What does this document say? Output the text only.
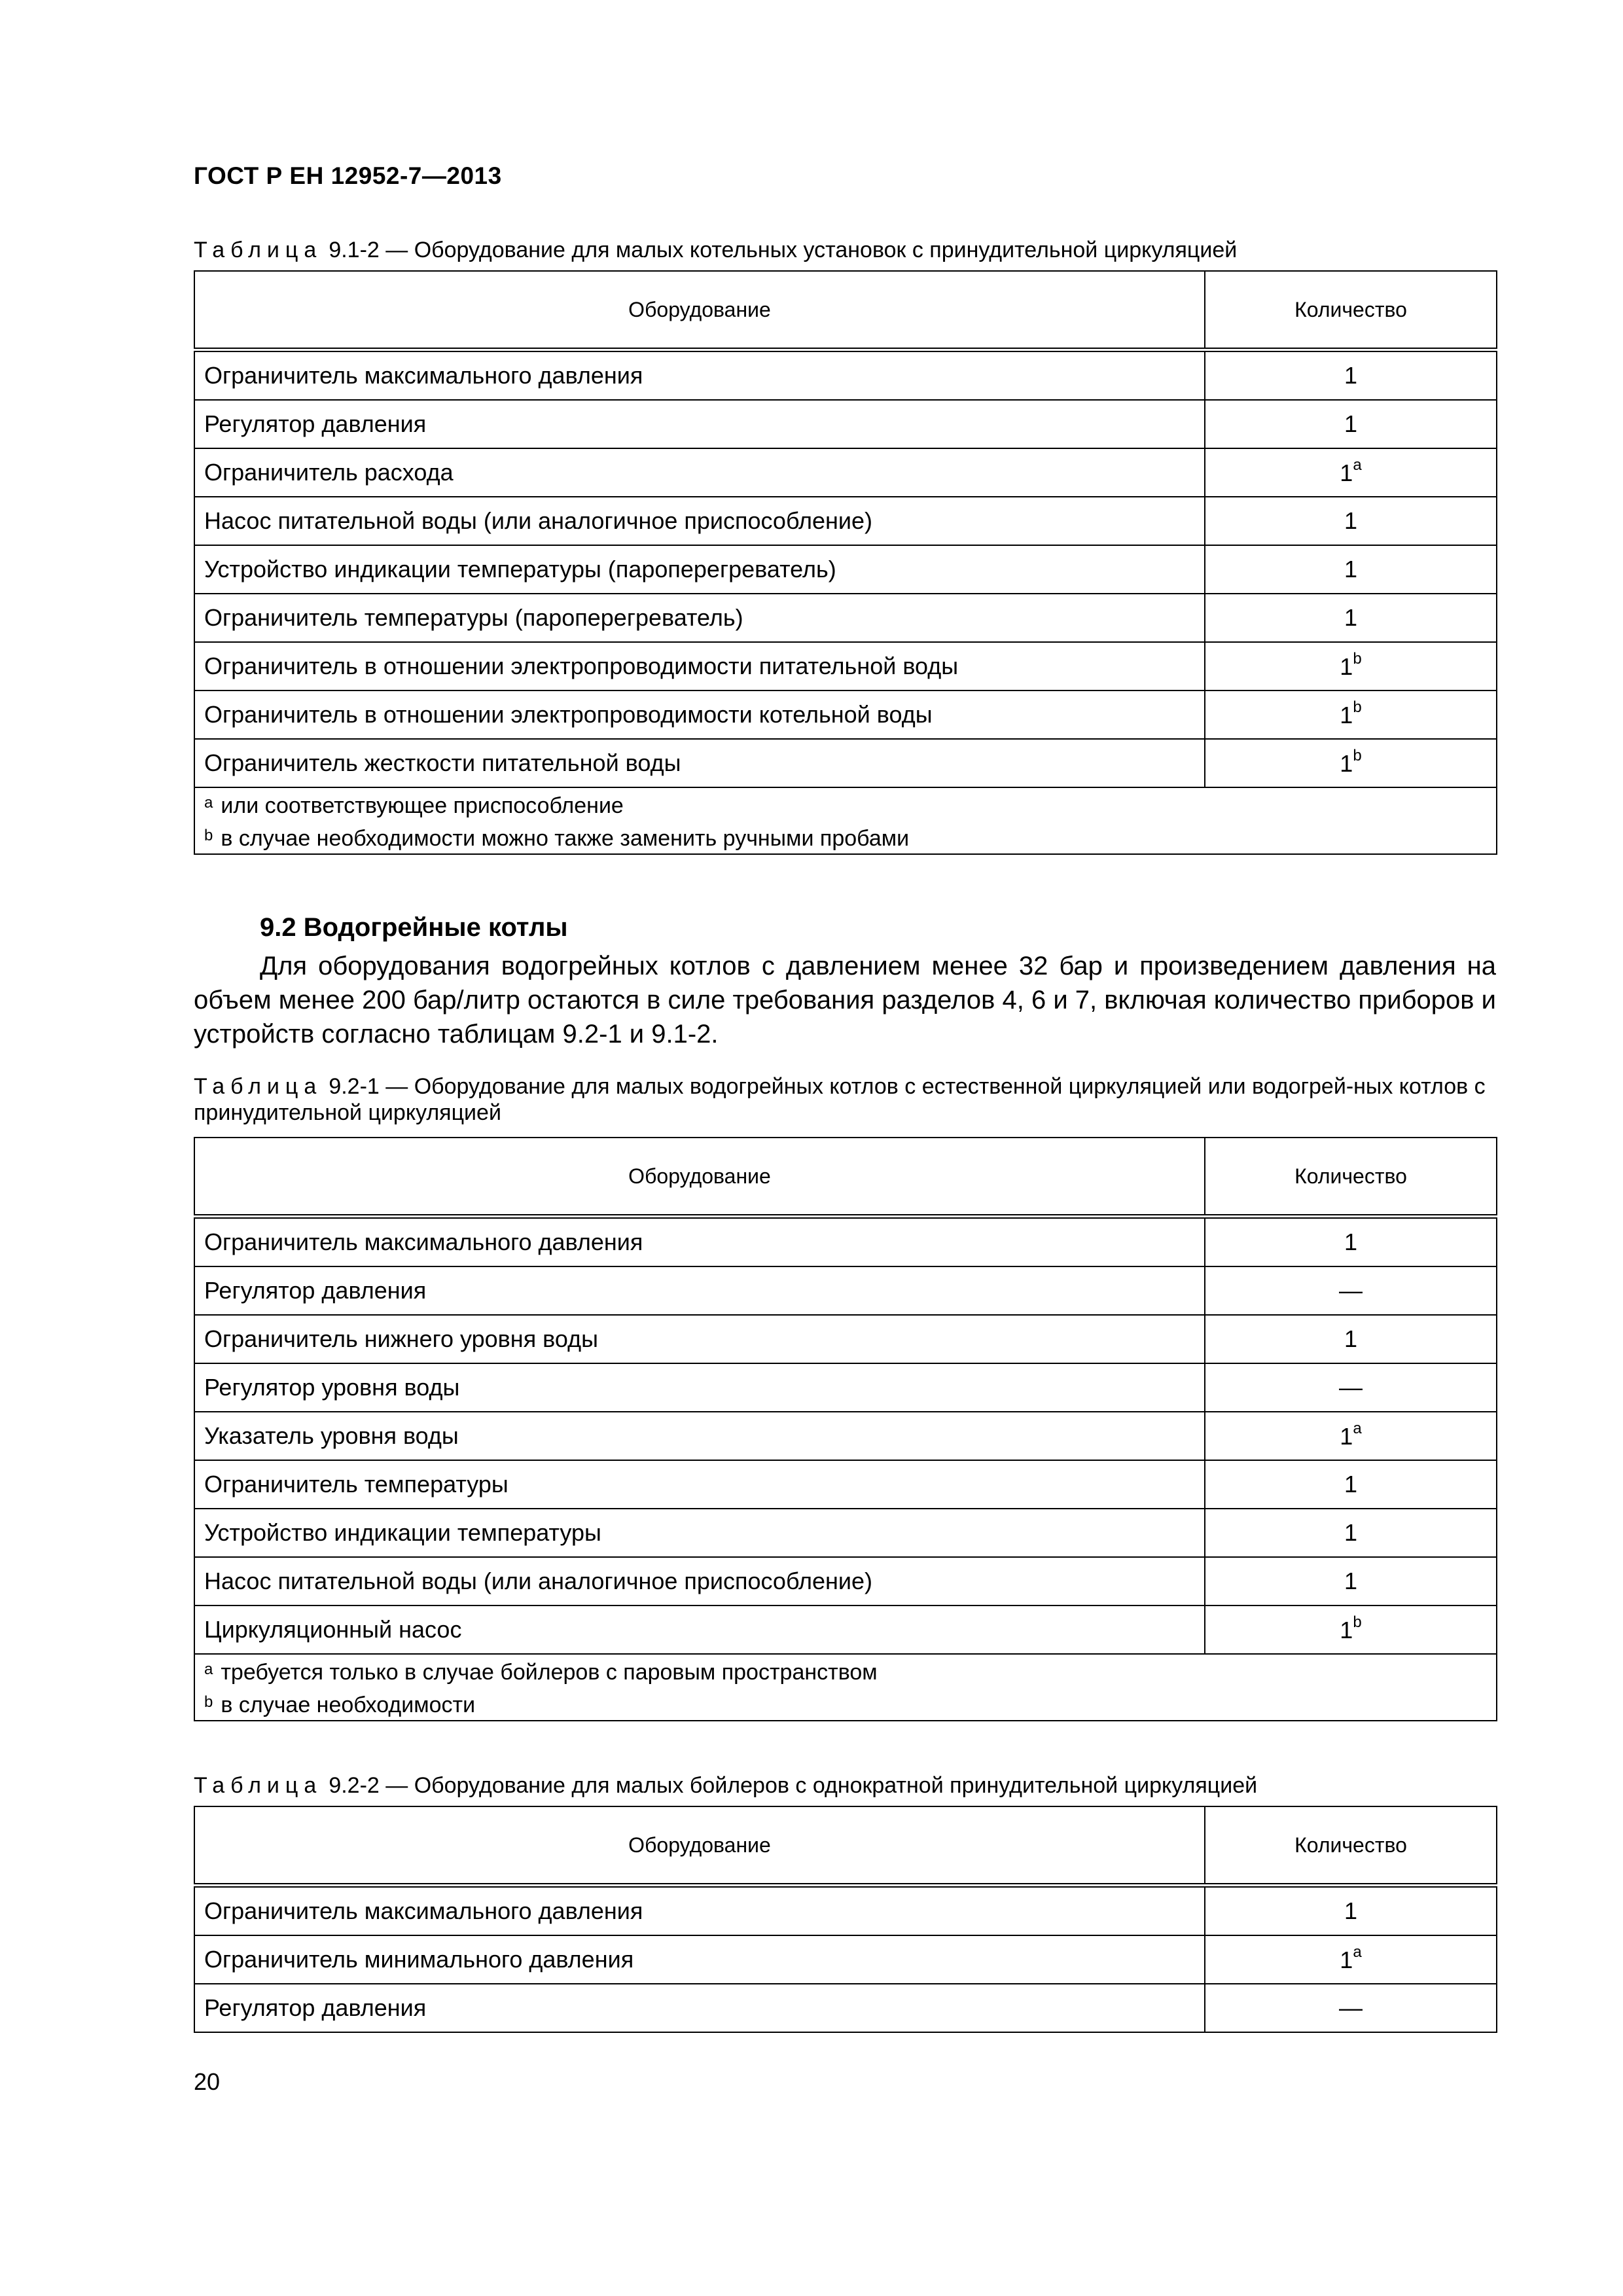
ГОСТ Р ЕН 12952-7—2013
Таблица 9.1-2 — Оборудование для малых котельных установок с принудительной циркуляцией
Оборудование	Количество
Ограничитель максимального давления	1
Регулятор давления	1
Ограничитель расхода	1$^a$
Насос питательной воды (или аналогичное приспособление)	1
Устройство индикации температуры (пароперегреватель)	1
Ограничитель температуры (пароперегреватель)	1
Ограничитель в отношении электропроводимости питательной воды	1$^b$
Ограничитель в отношении электропроводимости котельной воды	1$^b$
Ограничитель жесткости питательной воды	1$^b$

$^a$ или соответствующее приспособление
$^b$ в случае необходимости можно также заменить ручными пробами	
9.2 Водогрейные котлы
Для оборудования водогрейных котлов с давлением менее 32 бар и произведением давления на объем менее 200 бар/литр остаются в силе требования разделов 4, 6 и 7, включая количество приборов и устройств согласно таблицам 9.2-1 и 9.1-2.
Таблица 9.2-1 — Оборудование для малых водогрейных котлов с естественной циркуляцией или водогрей-ных котлов с принудительной циркуляцией
Оборудование	Количество
Ограничитель максимального давления	1
Регулятор давления	—
Ограничитель нижнего уровня воды	1
Регулятор уровня воды	—
Указатель уровня воды	1$^a$
Ограничитель температуры	1
Устройство индикации температуры	1
Насос питательной воды (или аналогичное приспособление)	1
Циркуляционный насос	1$^b$

$^a$ требуется только в случае бойлеров с паровым пространством
$^b$ в случае необходимости	
Таблица 9.2-2 — Оборудование для малых бойлеров с однократной принудительной циркуляцией
Оборудование	Количество
Ограничитель максимального давления	1
Ограничитель минимального давления	1$^a$
Регулятор давления	—
20
